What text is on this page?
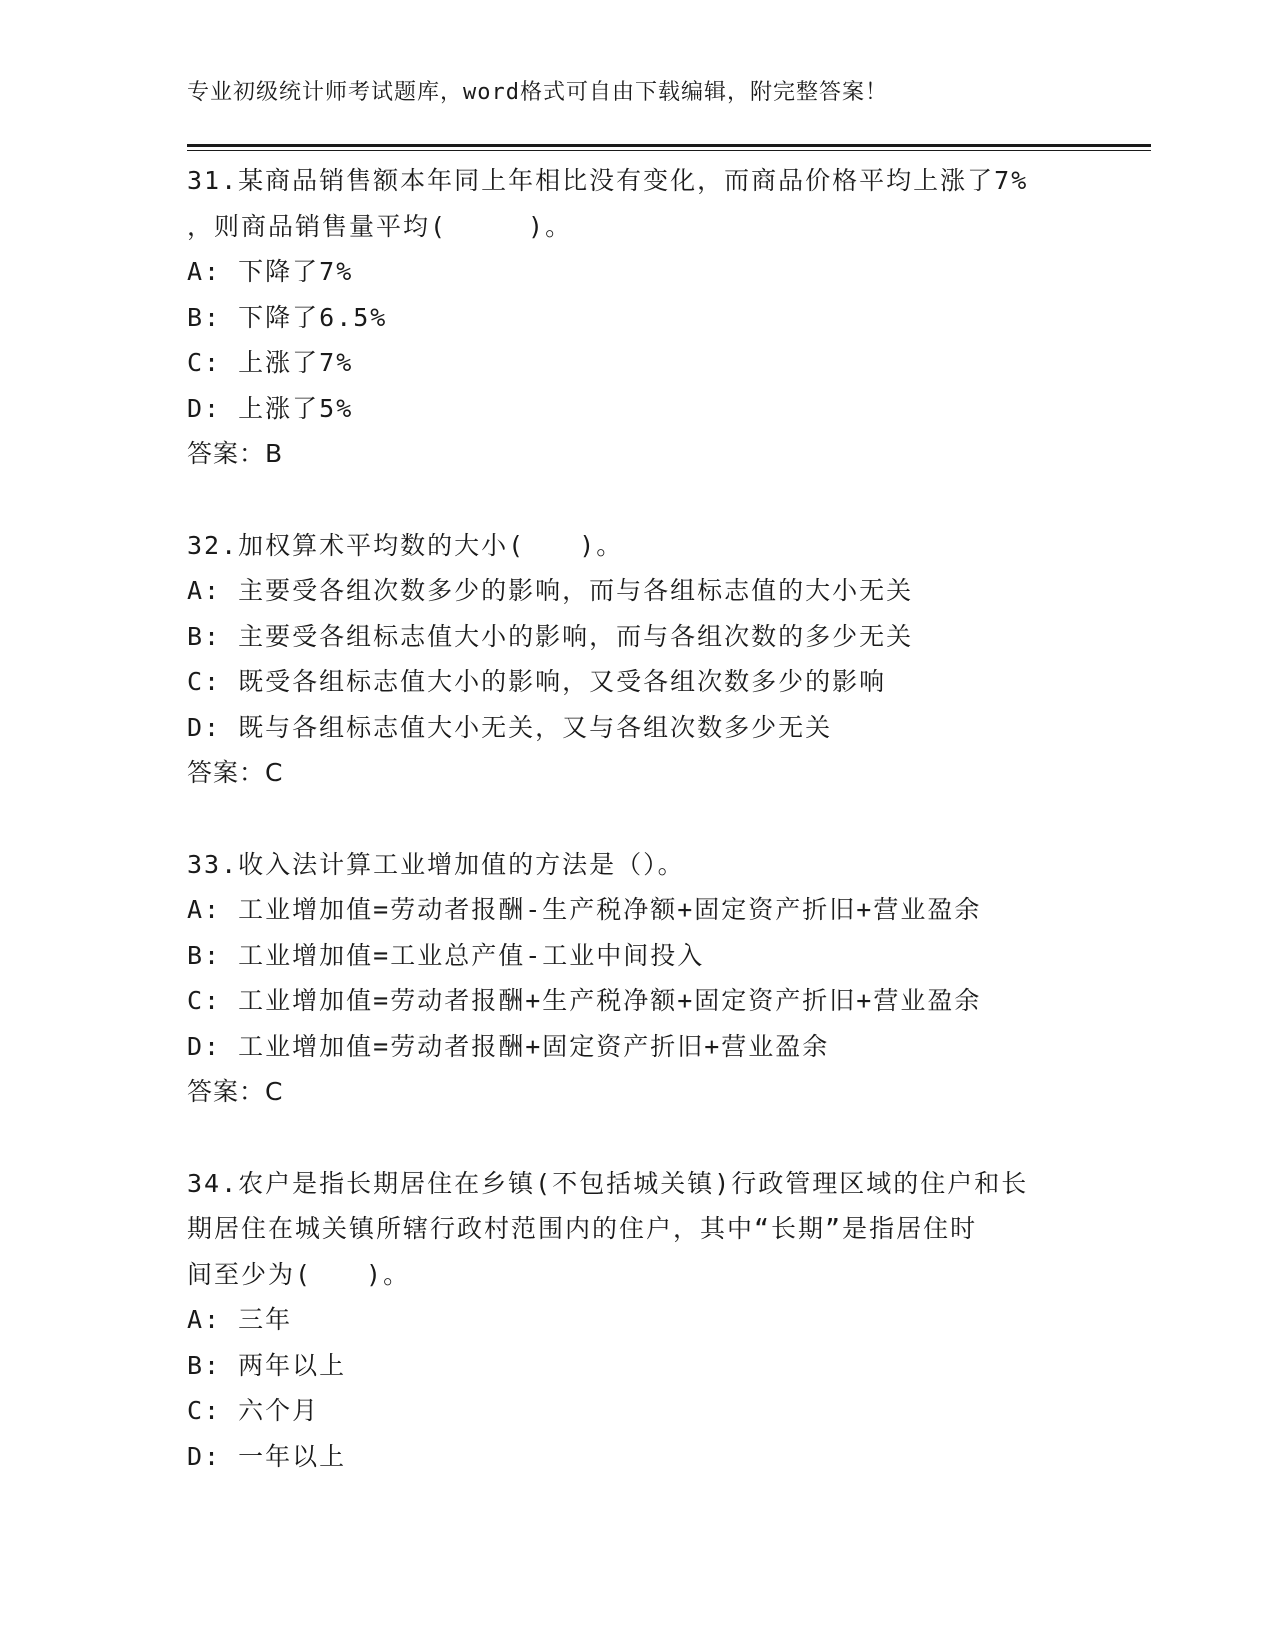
专业初级统计师考试题库，word格式可自由下载编辑，附完整答案！
31.某商品销售额本年同上年相比没有变化，而商品价格平均上涨了7%
，则商品销售量平均(　　　)。
A: 下降了7%
B: 下降了6.5%
C: 上涨了7%
D: 上涨了5%
答案：B
32.加权算术平均数的大小(　　)。
A: 主要受各组次数多少的影响，而与各组标志值的大小无关
B: 主要受各组标志值大小的影响，而与各组次数的多少无关
C: 既受各组标志值大小的影响，又受各组次数多少的影响
D: 既与各组标志值大小无关，又与各组次数多少无关
答案：C
33.收入法计算工业增加值的方法是（）。
A: 工业增加值=劳动者报酬-生产税净额+固定资产折旧+营业盈余
B: 工业增加值=工业总产值-工业中间投入
C: 工业增加值=劳动者报酬+生产税净额+固定资产折旧+营业盈余
D: 工业增加值=劳动者报酬+固定资产折旧+营业盈余
答案：C
34.农户是指长期居住在乡镇(不包括城关镇)行政管理区域的住户和长
期居住在城关镇所辖行政村范围内的住户，其中“长期”是指居住时
间至少为(　　)。
A: 三年
B: 两年以上
C: 六个月
D: 一年以上
